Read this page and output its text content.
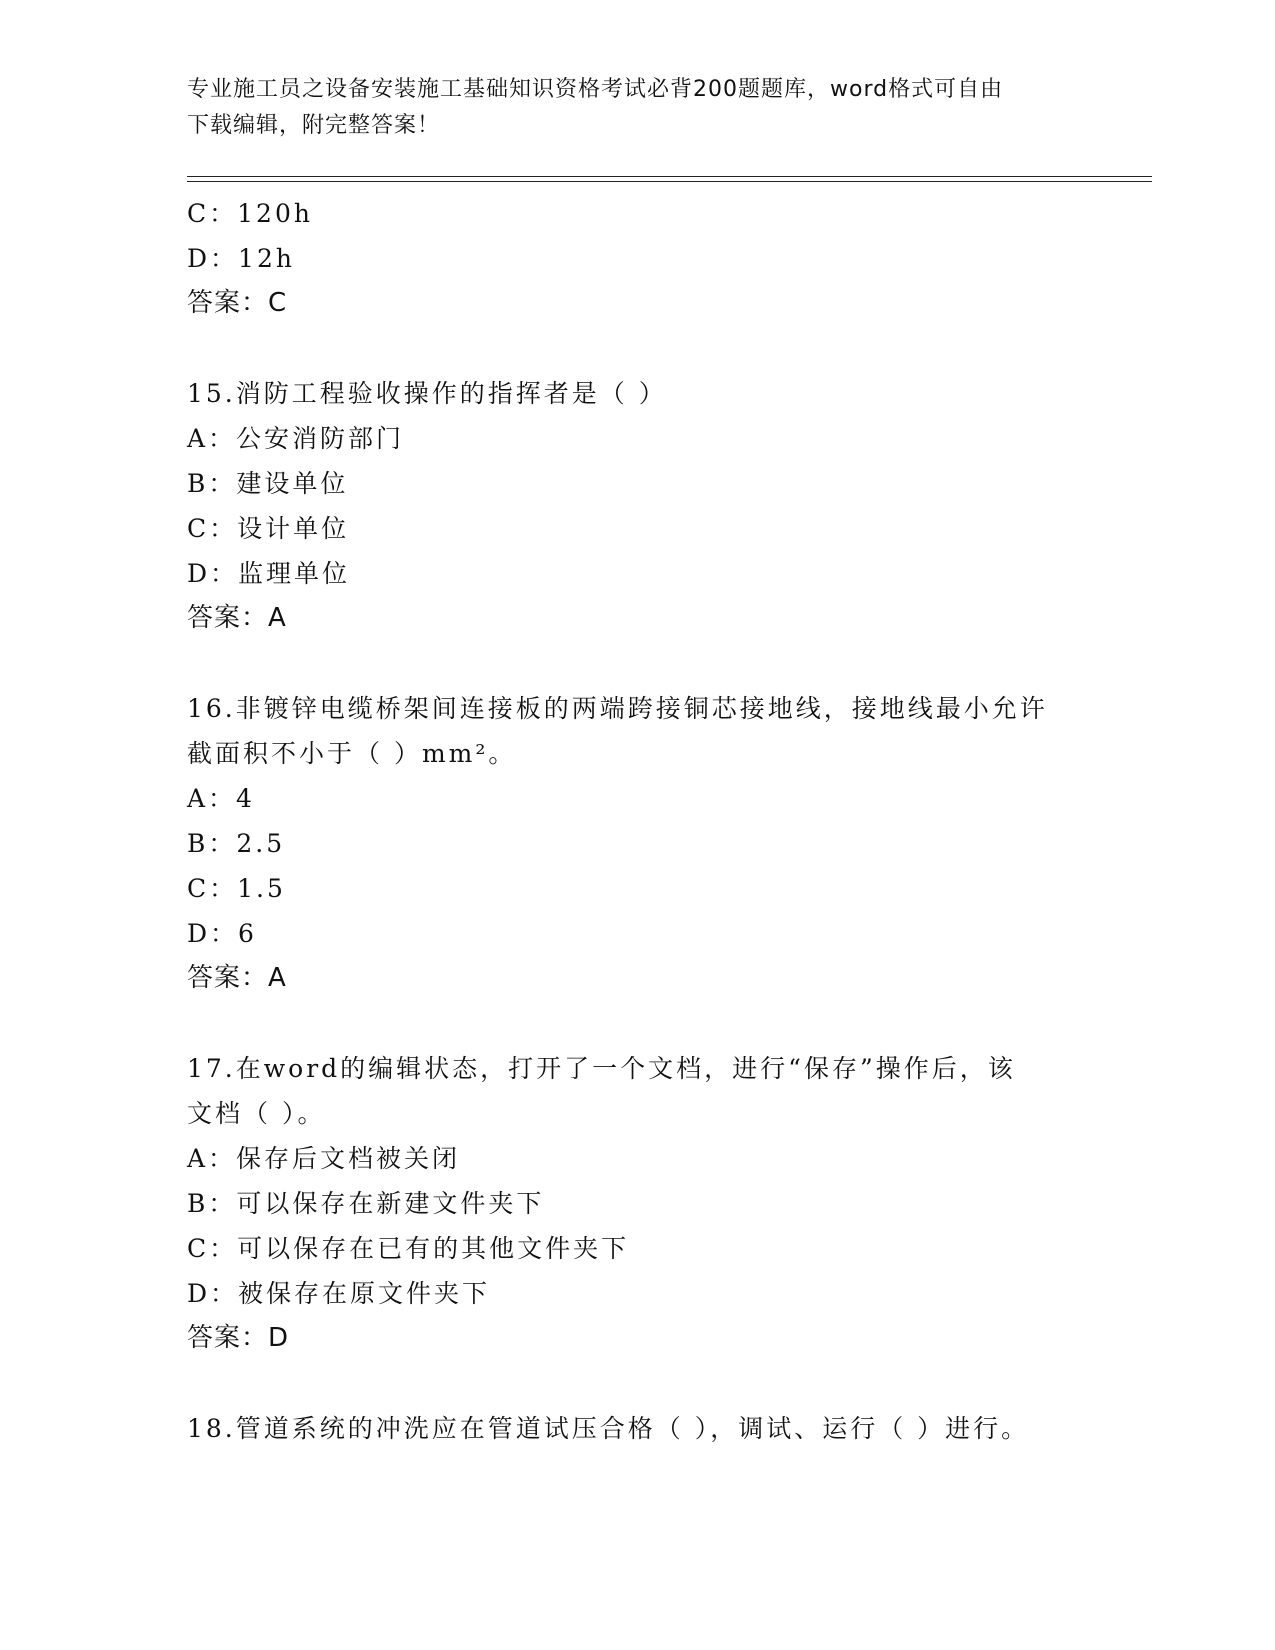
专业施工员之设备安装施工基础知识资格考试必背200题题库，word格式可自由
下载编辑，附完整答案！
C：120h
D：12h
答案：C
15.消防工程验收操作的指挥者是（ ）
A：公安消防部门
B：建设单位
C：设计单位
D：监理单位
答案：A
16.非镀锌电缆桥架间连接板的两端跨接铜芯接地线，接地线最小允许
截面积不小于（ ）mm²。
A：4
B：2.5
C：1.5
D：6
答案：A
17.在word的编辑状态，打开了一个文档，进行“保存”操作后，该
文档（ ）。
A：保存后文档被关闭
B：可以保存在新建文件夹下
C：可以保存在已有的其他文件夹下
D：被保存在原文件夹下
答案：D
18.管道系统的冲洗应在管道试压合格（ ），调试、运行（ ）进行。
